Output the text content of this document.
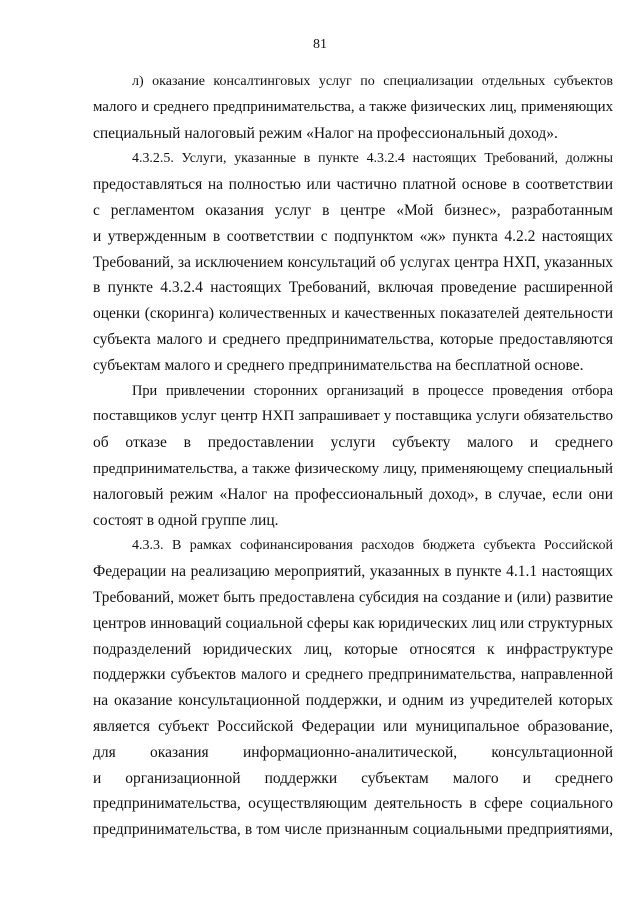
81
л) оказание консалтинговых услуг по специализации отдельных субъектов
малого и среднего предпринимательства, а также физических лиц, применяющих
специальный налоговый режим «Налог на профессиональный доход».
4.3.2.5. Услуги, указанные в пункте 4.3.2.4 настоящих Требований, должны
предоставляться на полностью или частично платной основе в соответствии
с регламентом оказания услуг в центре «Мой бизнес», разработанным
и утвержденным в соответствии с подпунктом «ж» пункта 4.2.2 настоящих
Требований, за исключением консультаций об услугах центра НХП, указанных
в пункте 4.3.2.4 настоящих Требований, включая проведение расширенной
оценки (скоринга) количественных и качественных показателей деятельности
субъекта малого и среднего предпринимательства, которые предоставляются
субъектам малого и среднего предпринимательства на бесплатной основе.
При привлечении сторонних организаций в процессе проведения отбора
поставщиков услуг центр НХП запрашивает у поставщика услуги обязательство
об отказе в предоставлении услуги субъекту малого и среднего
предпринимательства, а также физическому лицу, применяющему специальный
налоговый режим «Налог на профессиональный доход», в случае, если они
состоят в одной группе лиц.
4.3.3. В рамках софинансирования расходов бюджета субъекта Российской
Федерации на реализацию мероприятий, указанных в пункте 4.1.1 настоящих
Требований, может быть предоставлена субсидия на создание и (или) развитие
центров инноваций социальной сферы как юридических лиц или структурных
подразделений юридических лиц, которые относятся к инфраструктуре
поддержки субъектов малого и среднего предпринимательства, направленной
на оказание консультационной поддержки, и одним из учредителей которых
является субъект Российской Федерации или муниципальное образование,
для оказания информационно-аналитической, консультационной
и организационной поддержки субъектам малого и среднего
предпринимательства, осуществляющим деятельность в сфере социального
предпринимательства, в том числе признанным социальными предприятиями,
